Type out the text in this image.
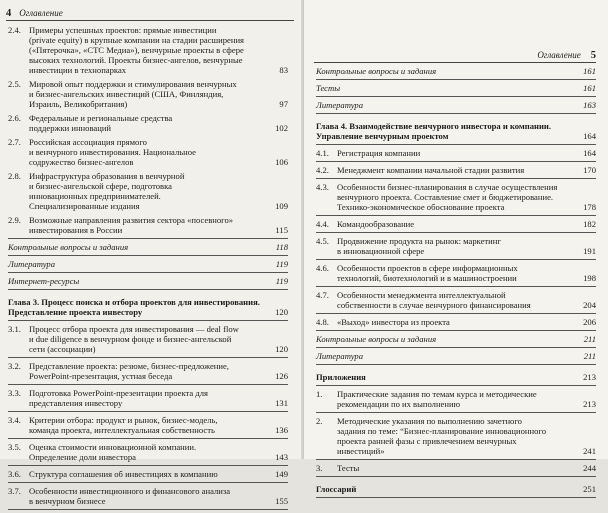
4 Оглавление
2.4. Примеры успешных проектов: прямые инвестиции
(private equity) в крупные компании на стадии расширения
(«Пятерочка», «СТС Медиа»), венчурные проекты в сфере
высоких технологий. Проекты бизнес-ангелов, венчурные
инвестиции в технопарках	83
2.5. Мировой опыт поддержки и стимулирования венчурных
и бизнес-ангельских инвестиций (США, Финляндия,
Израиль, Великобритания)	97
2.6. Федеральные и региональные средства
поддержки инноваций	102
2.7. Российская ассоциация прямого
и венчурного инвестирования. Национальное
содружество бизнес-ангелов	106
2.8. Инфраструктура образования в венчурной
и бизнес-ангельской сфере, подготовка
инновационных предпринимателей.
Специализированные издания	109
2.9. Возможные направления развития сектора «посевного»
инвестирования в России	115
Контрольные вопросы и задания	118
Литература	119
Интернет-ресурсы	119
Глава 3. Процесс поиска и отбора проектов для инвестирования.
Представление проекта инвестору	120
3.1. Процесс отбора проекта для инвестирования — deal flow
и due diligence в венчурном фонде и бизнес-ангельской
сети (ассоциации)	120
3.2. Представление проекта: резюме, бизнес-предложение,
PowerPoint-презентация, устная беседа	126
3.3. Подготовка PowerPoint-презентации проекта для
представления инвестору	131
3.4. Критерии отбора: продукт и рынок, бизнес-модель,
команда проекта, интеллектуальная собственность	136
3.5. Оценка стоимости инновационной компании.
Определение доли инвестора	143
3.6. Структура соглашения об инвестициях в компанию	149
3.7. Особенности инвестиционного и финансового анализа
в венчурном бизнесе	155
Оглавление 5
Контрольные вопросы и задания	161
Тесты	161
Литература	163
Глава 4. Взаимодействие венчурного инвестора и компании.
Управление венчурным проектом	164
4.1. Регистрация компании	164
4.2. Менеджмент компании начальной стадии развития	170
4.3. Особенности бизнес-планирования в случае осуществления
венчурного проекта. Составление смет и бюджетирование.
Технико-экономическое обоснование проекта	178
4.4. Командообразование	182
4.5. Продвижение продукта на рынок: маркетинг
в инновационной сфере	191
4.6. Особенности проектов в сфере информационных
технологий, биотехнологий и в машиностроении	198
4.7. Особенности менеджмента интеллектуальной
собственности в случае венчурного финансирования	204
4.8. «Выход» инвестора из проекта	206
Контрольные вопросы и задания	211
Литература	211
Приложения	213
1.	Практические задания по темам курса и методические
рекомендации по их выполнению	213
2.	Методические указания по выполнению зачетного
задания по теме: “Бизнес-планирование инновационного
проекта ранней фазы с привлечением венчурных
инвестиций»	241
3.	Тесты	244
Глоссарий	251
